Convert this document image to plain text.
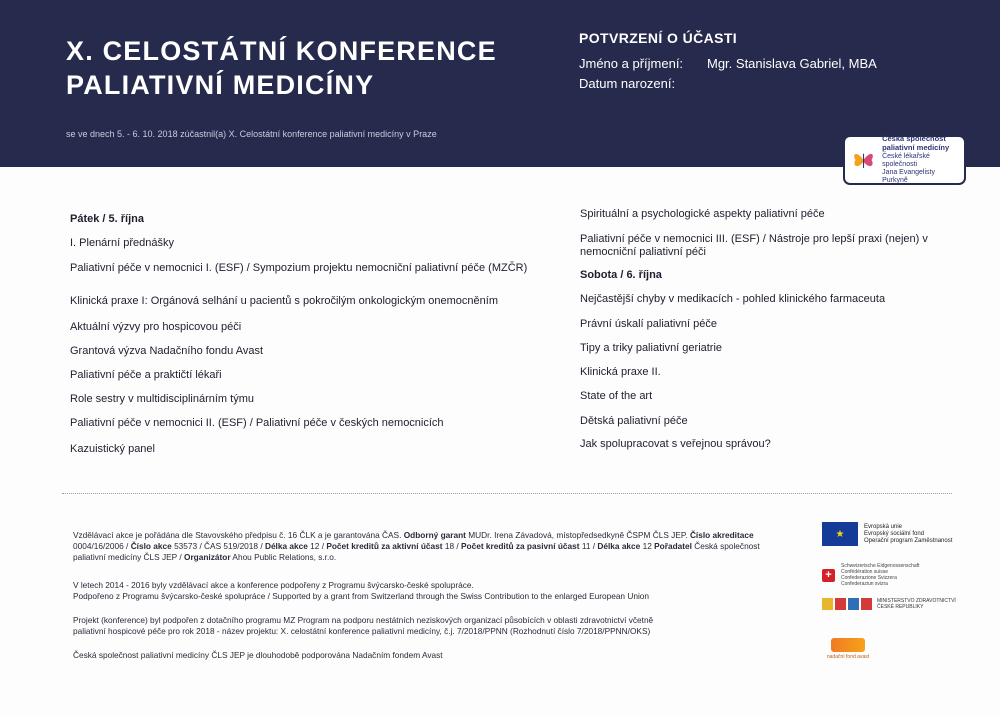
X. CELOSTÁTNÍ KONFERENCE
PALIATIVNÍ MEDICÍNY
se ve dnech 5. - 6. 10. 2018 zúčastnil(a) X. Celostátní konference paliativní medicíny v Praze
POTVRZENÍ O ÚČASTI
Jméno a příjmení:	Mgr. Stanislava Gabriel, MBA
Datum narození:
Česká společnost
paliativní medicíny
České lékařské společnosti
Jana Evangelisty Purkyně
Pátek / 5. října
I. Plenární přednášky
Paliativní péče v nemocnici I. (ESF) / Sympozium projektu nemocniční paliativní péče (MZČR)
Klinická praxe I: Orgánová selhání u pacientů s pokročilým onkologickým onemocněním
Aktuální výzvy pro hospicovou péči
Grantová výzva Nadačního fondu Avast
Paliativní péče a praktičtí lékaři
Role sestry v multidisciplinárním týmu
Paliativní péče v nemocnici II. (ESF) / Paliativní péče v českých nemocnicích
Kazuistický panel
Spirituální a psychologické aspekty paliativní péče
Paliativní péče v nemocnici III. (ESF) / Nástroje pro lepší praxi (nejen) v nemocniční paliativní péči
Sobota / 6. října
Nejčastější chyby v medikacích - pohled klinického farmaceuta
Právní úskalí paliativní péče
Tipy a triky paliativní geriatrie
Klinická praxe II.
State of the art
Dětská paliativní péče
Jak spolupracovat s veřejnou správou?
Vzdělávací akce je pořádána dle Stavovského předpisu č. 16 ČLK a je garantována ČAS. Odborný garant MUDr. Irena Závadová, místopředsedkyně ČSPM ČLS JEP. Číslo akreditace 0004/16/2006 / Číslo akce 53573 / ČAS 519/2018 / Délka akce 12 / Počet kreditů za aktivní účast 18 / Počet kreditů za pasivní účast 11 / Délka akce 12 Pořadatel Česká společnost paliativní medicíny ČLS JEP / Organizátor Ahou Public Relations, s.r.o.
V letech 2014 - 2016 byly vzdělávací akce a konference podpořeny z Programu švýcarsko-české spolupráce.
Podpořeno z Programu švýcarsko-české spolupráce / Supported by a grant from Switzerland through the Swiss Contribution to the enlarged European Union
Projekt (konference) byl podpořen z dotačního programu MZ Program na podporu nestátních neziskových organizací působících v oblasti zdravotnictví včetně
paliativní hospicové péče pro rok 2018 - název projektu: X. celostátní konference paliativní medicíny, č.j. 7/2018/PPNN (Rozhodnutí číslo 7/2018/PPNN/OKS)
Česká společnost paliativní medicíny ČLS JEP je dlouhodobě podporována Nadačním fondem Avast
★
Evropská unie
Evropský sociální fond
Operační program Zaměstnanost
+
Schweizerische Eidgenossenschaft
Confédération suisse
Confederazione Svizzera
Confederaziun svizra
MINISTERSTVO ZDRAVOTNICTVÍ
ČESKÉ REPUBLIKY
nadační fond avast
